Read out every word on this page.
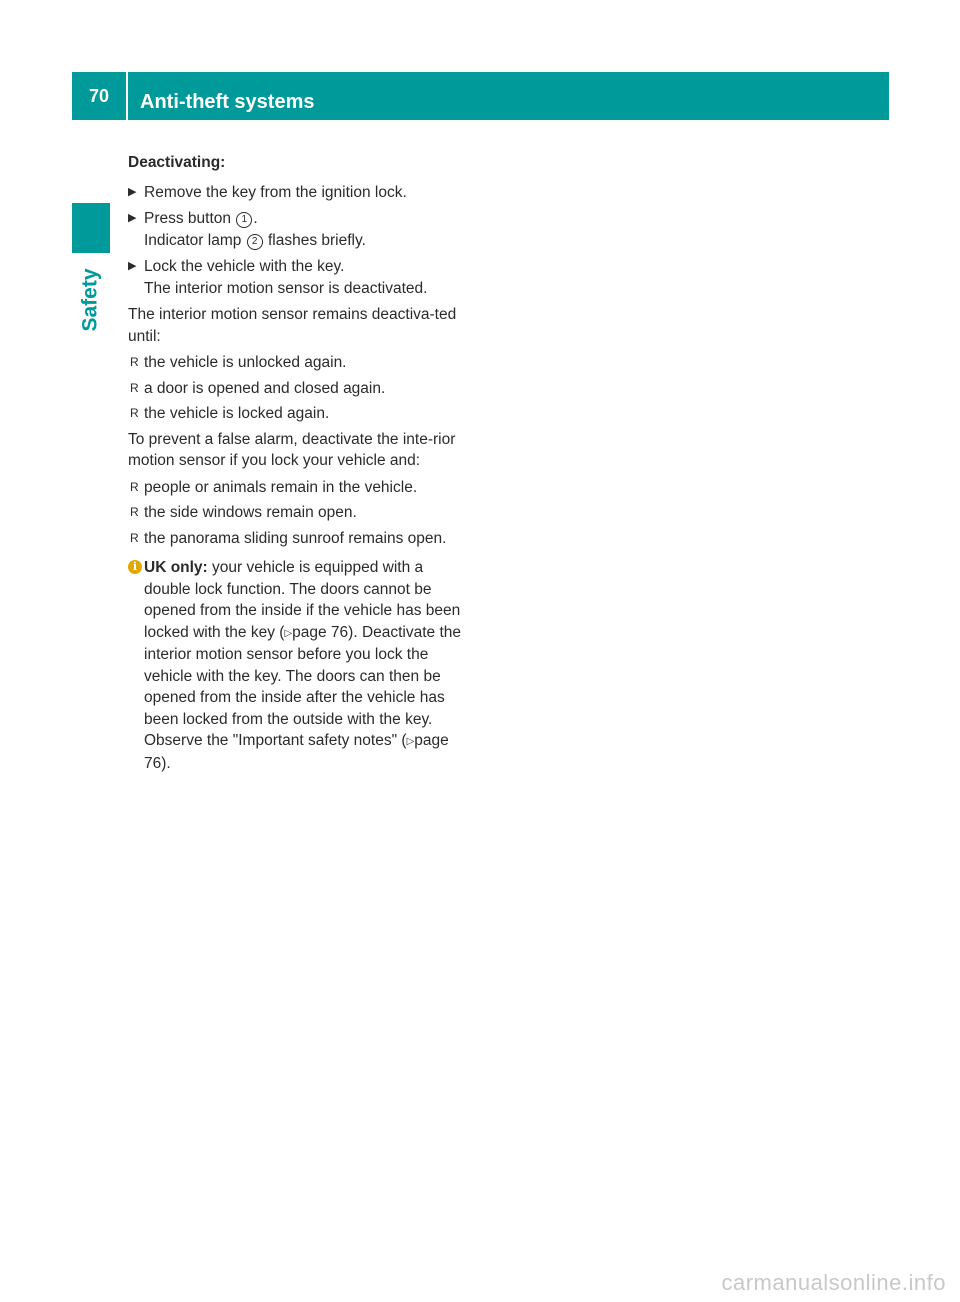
70 Anti-theft systems
Safety
Deactivating:
▶ Remove the key from the ignition lock.
▶ Press button 1 .
Indicator lamp 2 flashes briefly.
▶ Lock the vehicle with the key.
The interior motion sensor is deactivated.
The interior motion sensor remains deactiva-ted until:
R the vehicle is unlocked again.
R a door is opened and closed again.
R the vehicle is locked again.
To prevent a false alarm, deactivate the inte-rior motion sensor if you lock your vehicle and:
R people or animals remain in the vehicle.
R the side windows remain open.
R the panorama sliding sunroof remains open.
i UK only: your vehicle is equipped with a double lock function. The doors cannot be opened from the inside if the vehicle has been locked with the key (▷page 76). Deactivate the interior motion sensor before you lock the vehicle with the key. The doors can then be opened from the inside after the vehicle has been locked from the outside with the key. Observe the "Important safety notes" (▷page 76).
carmanualsonline.info
